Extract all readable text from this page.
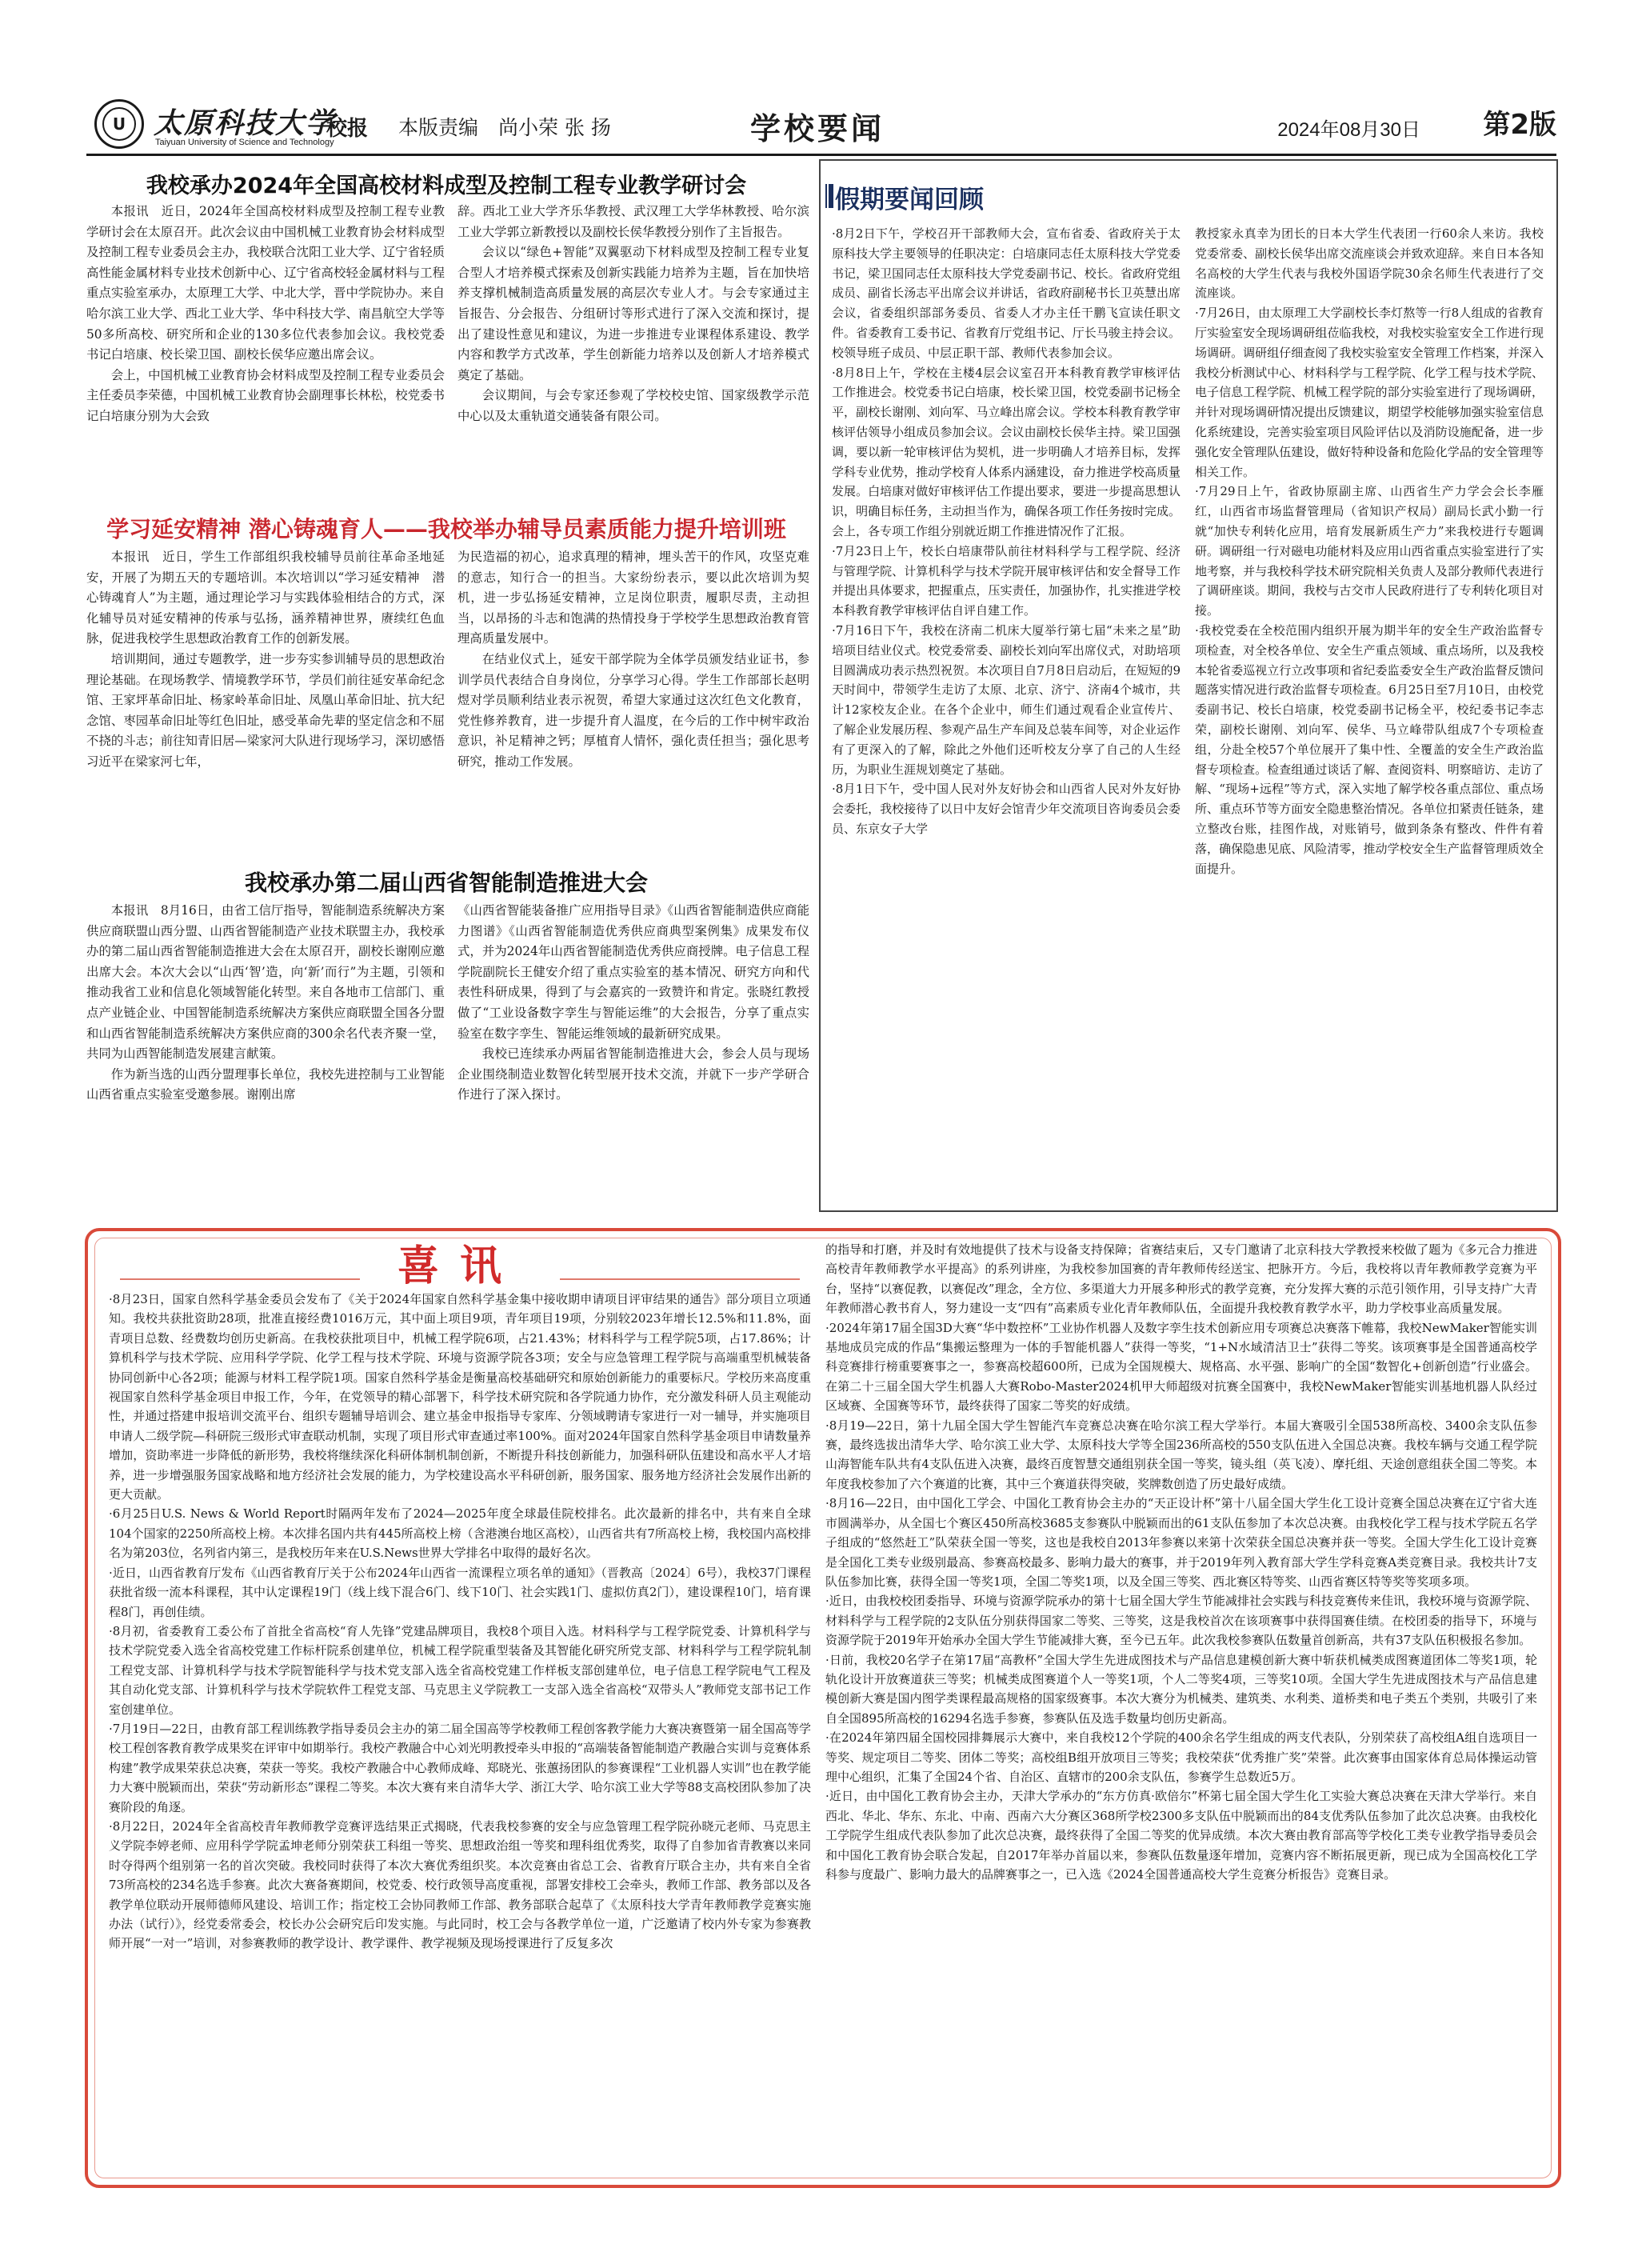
U 太原科技大学
Taiyuan University of Science and Technology
校报 本版责编　尚小荣 张 扬	学校要闻	2024年08月30日 第2版
我校承办2024年全国高校材料成型及控制工程专业教学研讨会

本报讯　近日，2024年全国高校材料成型及控制工程专业教学研讨会在太原召开。此次会议由中国机械工业教育协会材料成型及控制工程专业委员会主办，我校联合沈阳工业大学、辽宁省轻质高性能金属材料专业技术创新中心、辽宁省高校轻金属材料与工程重点实验室承办，太原理工大学、中北大学，晋中学院协办。来自哈尔滨工业大学、西北工业大学、华中科技大学、南昌航空大学等50多所高校、研究所和企业的130多位代表参加会议。我校党委书记白培康、校长梁卫国、副校长侯华应邀出席会议。

会上，中国机械工业教育协会材料成型及控制工程专业委员会主任委员李荣德，中国机械工业教育协会副理事长林松，校党委书记白培康分别为大会致

辞。西北工业大学齐乐华教授、武汉理工大学华林教授、哈尔滨工业大学郭立新教授以及副校长侯华教授分别作了主旨报告。

会议以“绿色+智能”双翼驱动下材料成型及控制工程专业复合型人才培养模式探索及创新实践能力培养为主题，旨在加快培养支撑机械制造高质量发展的高层次专业人才。与会专家通过主旨报告、分会报告、分组研讨等形式进行了深入交流和探讨，提出了建设性意见和建议，为进一步推进专业课程体系建设、教学内容和教学方式改革，学生创新能力培养以及创新人才培养模式奠定了基础。

会议期间，与会专家还参观了学校校史馆、国家级教学示范中心以及太重轨道交通装备有限公司。

学习延安精神 潜心铸魂育人——我校举办辅导员素质能力提升培训班

本报讯　近日，学生工作部组织我校辅导员前往革命圣地延安，开展了为期五天的专题培训。本次培训以“学习延安精神　潜心铸魂育人”为主题，通过理论学习与实践体验相结合的方式，深化辅导员对延安精神的传承与弘扬，涵养精神世界，赓续红色血脉，促进我校学生思想政治教育工作的创新发展。

培训期间，通过专题教学，进一步夯实参训辅导员的思想政治理论基础。在现场教学、情境教学环节，学员们前往延安革命纪念馆、王家坪革命旧址、杨家岭革命旧址、凤凰山革命旧址、抗大纪念馆、枣园革命旧址等红色旧址，感受革命先辈的坚定信念和不屈不挠的斗志；前往知青旧居—梁家河大队进行现场学习，深切感悟习近平在梁家河七年，

为民造福的初心，追求真理的精神，埋头苦干的作风，攻坚克难的意志，知行合一的担当。大家纷纷表示，要以此次培训为契机，进一步弘扬延安精神，立足岗位职责，履职尽责，主动担当，以昂扬的斗志和饱满的热情投身于学校学生思想政治教育管理高质量发展中。

在结业仪式上，延安干部学院为全体学员颁发结业证书，参训学员代表结合自身岗位，分享学习心得。学生工作部部长赵明煜对学员顺利结业表示祝贺，希望大家通过这次红色文化教育，党性修养教育，进一步提升育人温度，在今后的工作中树牢政治意识，补足精神之钙；厚植育人情怀，强化责任担当；强化思考研究，推动工作发展。

我校承办第二届山西省智能制造推进大会

本报讯　8月16日，由省工信厅指导，智能制造系统解决方案供应商联盟山西分盟、山西省智能制造产业技术联盟主办，我校承办的第二届山西省智能制造推进大会在太原召开，副校长谢刚应邀出席大会。本次大会以“山西‘智’造，向‘新’而行”为主题，引领和推动我省工业和信息化领域智能化转型。来自各地市工信部门、重点产业链企业、中国智能制造系统解决方案供应商联盟全国各分盟和山西省智能制造系统解决方案供应商的300余名代表齐聚一堂，共同为山西智能制造发展建言献策。

作为新当选的山西分盟理事长单位，我校先进控制与工业智能山西省重点实验室受邀参展。谢刚出席

《山西省智能装备推广应用指导目录》《山西省智能制造供应商能力图谱》《山西省智能制造优秀供应商典型案例集》成果发布仪式，并为2024年山西省智能制造优秀供应商授牌。电子信息工程学院副院长王健安介绍了重点实验室的基本情况、研究方向和代表性科研成果，得到了与会嘉宾的一致赞许和肯定。张晓红教授做了“工业设备数字孪生与智能运维”的大会报告，分享了重点实验室在数字孪生、智能运维领域的最新研究成果。

我校已连续承办两届省智能制造推进大会，参会人员与现场企业围绕制造业数智化转型展开技术交流，并就下一步产学研合作进行了深入探讨。

假期要闻回顾

·8月2日下午，学校召开干部教师大会，宣布省委、省政府关于太原科技大学主要领导的任职决定：白培康同志任太原科技大学党委书记，梁卫国同志任太原科技大学党委副书记、校长。省政府党组成员、副省长汤志平出席会议并讲话，省政府副秘书长卫英慧出席会议，省委组织部部务委员、省委人才办主任干鹏飞宣读任职文件。省委教育工委书记、省教育厅党组书记、厅长马骏主持会议。校领导班子成员、中层正职干部、教师代表参加会议。

·8月8日上午，学校在主楼4层会议室召开本科教育教学审核评估工作推进会。校党委书记白培康，校长梁卫国，校党委副书记杨全平，副校长谢刚、刘向军、马立峰出席会议。学校本科教育教学审核评估领导小组成员参加会议。会议由副校长侯华主持。梁卫国强调，要以新一轮审核评估为契机，进一步明确人才培养目标，发挥学科专业优势，推动学校育人体系内涵建设，奋力推进学校高质量发展。白培康对做好审核评估工作提出要求，要进一步提高思想认识，明确目标任务，主动担当作为，确保各项工作任务按时完成。会上，各专项工作组分别就近期工作推进情况作了汇报。

·7月23日上午，校长白培康带队前往材料科学与工程学院、经济与管理学院、计算机科学与技术学院开展审核评估和安全督导工作并提出具体要求，把握重点，压实责任，加强协作，扎实推进学校本科教育教学审核评估自评自建工作。

·7月16日下午，我校在济南二机床大厦举行第七届“未来之星”助培项目结业仪式。校党委常委、副校长刘向军出席仪式，对助培项目圆满成功表示热烈祝贺。本次项目自7月8日启动后，在短短的9天时间中，带领学生走访了太原、北京、济宁、济南4个城市，共计12家校友企业。在各个企业中，师生们通过观看企业宣传片、了解企业发展历程、参观产品生产车间及总装车间等，对企业运作有了更深入的了解，除此之外他们还听校友分享了自己的人生经历，为职业生涯规划奠定了基础。

·8月1日下午，受中国人民对外友好协会和山西省人民对外友好协会委托，我校接待了以日中友好会馆青少年交流项目咨询委员会委员、东京女子大学

教授家永真幸为团长的日本大学生代表团一行60余人来访。我校党委常委、副校长侯华出席交流座谈会并致欢迎辞。来自日本各知名高校的大学生代表与我校外国语学院30余名师生代表进行了交流座谈。

·7月26日，由太原理工大学副校长李灯熬等一行8人组成的省教育厅实验室安全现场调研组莅临我校，对我校实验室安全工作进行现场调研。调研组仔细查阅了我校实验室安全管理工作档案，并深入我校分析测试中心、材料科学与工程学院、化学工程与技术学院、电子信息工程学院、机械工程学院的部分实验室进行了现场调研，并针对现场调研情况提出反馈建议，期望学校能够加强实验室信息化系统建设，完善实验室项目风险评估以及消防设施配备，进一步强化安全管理队伍建设，做好特种设备和危险化学品的安全管理等相关工作。

·7月29日上午，省政协原副主席、山西省生产力学会会长李雁红，山西省市场监督管理局（省知识产权局）副局长武小勤一行就“加快专利转化应用，培育发展新质生产力”来我校进行专题调研。调研组一行对磁电功能材料及应用山西省重点实验室进行了实地考察，并与我校科学技术研究院相关负责人及部分教师代表进行了调研座谈。期间，我校与古交市人民政府进行了专利转化项目对接。

·我校党委在全校范围内组织开展为期半年的安全生产政治监督专项检查，对全校各单位、安全生产重点领域、重点场所，以及我校本轮省委巡视立行立改事项和省纪委监委安全生产政治监督反馈问题落实情况进行政治监督专项检查。6月25日至7月10日，由校党委副书记、校长白培康，校党委副书记杨全平，校纪委书记李志荣，副校长谢刚、刘向军、侯华、马立峰带队组成7个专项检查组，分赴全校57个单位展开了集中性、全覆盖的安全生产政治监督专项检查。检查组通过谈话了解、查阅资料、明察暗访、走访了解、“现场+远程”等方式，深入实地了解学校各重点部位、重点场所、重点环节等方面安全隐患整治情况。各单位扣紧责任链条，建立整改台账，挂图作战，对账销号，做到条条有整改、件件有着落，确保隐患见底、风险清零，推动学校安全生产监督管理质效全面提升。

喜讯

·8月23日，国家自然科学基金委员会发布了《关于2024年国家自然科学基金集中接收期申请项目评审结果的通告》部分项目立项通知。我校共获批资助28项，批准直接经费1016万元，其中面上项目9项，青年项目19项，分别较2023年增长12.5%和11.8%，面青项目总数、经费数均创历史新高。在我校获批项目中，机械工程学院6项，占21.43%；材料科学与工程学院5项，占17.86%；计算机科学与技术学院、应用科学学院、化学工程与技术学院、环境与资源学院各3项；安全与应急管理工程学院与高端重型机械装备协同创新中心各2项；能源与材料工程学院1项。国家自然科学基金是衡量高校基础研究和原始创新能力的重要标尺。学校历来高度重视国家自然科学基金项目申报工作，今年，在党领导的精心部署下，科学技术研究院和各学院通力协作，充分激发科研人员主观能动性，并通过搭建申报培训交流平台、组织专题辅导培训会、建立基金申报指导专家库、分领域聘请专家进行一对一辅导，并实施项目申请人二级学院—科研院三级形式审查联动机制，实现了项目形式审查通过率100%。面对2024年国家自然科学基金项目申请数量养增加，资助率进一步降低的新形势，我校将继续深化科研体制机制创新，不断提升科技创新能力，加强科研队伍建设和高水平人才培养，进一步增强服务国家战略和地方经济社会发展的能力，为学校建设高水平科研创新，服务国家、服务地方经济社会发展作出新的更大贡献。

·6月25日U.S. News & World Report时隔两年发布了2024—2025年度全球最佳院校排名。此次最新的排名中，共有来自全球104个国家的2250所高校上榜。本次排名国内共有445所高校上榜（含港澳台地区高校），山西省共有7所高校上榜，我校国内高校排名为第203位，名列省内第三，是我校历年来在U.S.News世界大学排名中取得的最好名次。

·近日，山西省教育厅发布《山西省教育厅关于公布2024年山西省一流课程立项名单的通知》（晋教高〔2024〕6号），我校37门课程获批省级一流本科课程，其中认定课程19门（线上线下混合6门、线下10门、社会实践1门、虚拟仿真2门），建设课程10门，培育课程8门，再创佳绩。

·8月初，省委教育工委公布了首批全省高校“育人先锋”党建品牌项目，我校8个项目入选。材料科学与工程学院党委、计算机科学与技术学院党委入选全省高校党建工作标杆院系创建单位，机械工程学院重型装备及其智能化研究所党支部、材料科学与工程学院轧制工程党支部、计算机科学与技术学院智能科学与技术党支部入选全省高校党建工作样板支部创建单位，电子信息工程学院电气工程及其自动化党支部、计算机科学与技术学院软件工程党支部、马克思主义学院教工一支部入选全省高校“双带头人”教师党支部书记工作室创建单位。

·7月19日—22日，由教育部工程训练教学指导委员会主办的第二届全国高等学校教师工程创客教学能力大赛决赛暨第一届全国高等学校工程创客教育教学成果奖在评审中如期举行。我校产教融合中心刘光明教授牵头申报的“高端装备智能制造产教融合实训与竞赛体系构建”教学成果荣获总决赛，荣获一等奖。我校产教融合中心教师成峰、郑晓光、张蕙扬团队的参赛课程“工业机器人实训”也在教学能力大赛中脱颖而出，荣获“劳动新形态”课程二等奖。本次大赛有来自清华大学、浙江大学、哈尔滨工业大学等88支高校团队参加了决赛阶段的角逐。

·8月22日，2024年全省高校青年教师教学竞赛评选结果正式揭晓，代表我校参赛的安全与应急管理工程学院孙晓元老师、马克思主义学院李婷老师、应用科学学院孟坤老师分别荣获工科组一等奖、思想政治组一等奖和理科组优秀奖，取得了自参加省青教赛以来同时夺得两个组别第一名的首次突破。我校同时获得了本次大赛优秀组织奖。本次竞赛由省总工会、省教育厅联合主办，共有来自全省73所高校的234名选手参赛。此次大赛备赛期间，校党委、校行政领导高度重视，部署安排校工会牵头，教师工作部、教务部以及各教学单位联动开展师德师风建设、培训工作；指定校工会协同教师工作部、教务部联合起草了《太原科技大学青年教师教学竞赛实施办法（试行）》，经党委常委会，校长办公会研究后印发实施。与此同时，校工会与各教学单位一道，广泛邀请了校内外专家为参赛教师开展“一对一”培训，对参赛教师的教学设计、教学课件、教学视频及现场授课进行了反复多次

的指导和打磨，并及时有效地提供了技术与设备支持保障；省赛结束后，又专门邀请了北京科技大学教授来校做了题为《多元合力推进高校青年教师教学水平提高》的系列讲座，为我校参加国赛的青年教师传经送宝、把脉开方。今后，我校将以青年教师教学竞赛为平台，坚持“以赛促教，以赛促改”理念，全方位、多渠道大力开展多种形式的教学竞赛，充分发挥大赛的示范引领作用，引导支持广大青年教师潜心教书育人，努力建设一支“四有”高素质专业化青年教师队伍，全面提升我校教育教学水平，助力学校事业高质量发展。

·2024年第17届全国3D大赛“华中数控杯”工业协作机器人及数字孪生技术创新应用专项赛总决赛落下帷幕，我校NewMaker智能实训基地成员完成的作品“集搬运整理为一体的手智能机器人”获得一等奖，“1+N水域清洁卫士”获得二等奖。该项赛事是全国普通高校学科竞赛排行榜重要赛事之一，参赛高校超600所，已成为全国规模大、规格高、水平强、影响广的全国“数智化+创新创造”行业盛会。在第二十三届全国大学生机器人大赛Robo-Master2024机甲大师超级对抗赛全国赛中，我校NewMaker智能实训基地机器人队经过区域赛、全国赛等环节，最终获得了国家二等奖的好成绩。

·8月19—22日，第十九届全国大学生智能汽车竞赛总决赛在哈尔滨工程大学举行。本届大赛吸引全国538所高校、3400余支队伍参赛，最终选拔出清华大学、哈尔滨工业大学、太原科技大学等全国236所高校的550支队伍进入全国总决赛。我校车辆与交通工程学院山海智能车队共有4支队伍进入决赛，最终百度智慧交通组别获全国一等奖，镜头组（英飞凌）、摩托组、天途创意组获全国二等奖。本年度我校参加了六个赛道的比赛，其中三个赛道获得突破，奖牌数创造了历史最好成绩。

·8月16—22日，由中国化工学会、中国化工教育协会主办的“天正设计杯”第十八届全国大学生化工设计竞赛全国总决赛在辽宁省大连市圆满举办，从全国七个赛区450所高校3685支参赛队中脱颖而出的61支队伍参加了本次总决赛。由我校化学工程与技术学院五名学子组成的“悠然赶工”队荣获全国一等奖，这也是我校自2013年参赛以来第十次荣获全国总决赛并获一等奖。全国大学生化工设计竞赛是全国化工类专业级别最高、参赛高校最多、影响力最大的赛事，并于2019年列入教育部大学生学科竞赛A类竞赛目录。我校共计7支队伍参加比赛，获得全国一等奖1项，全国二等奖1项，以及全国三等奖、西北赛区特等奖、山西省赛区特等奖等奖项多项。

·近日，由我校校团委指导、环境与资源学院承办的第十七届全国大学生节能减排社会实践与科技竞赛传来佳讯，我校环境与资源学院、材料科学与工程学院的2支队伍分别获得国家二等奖、三等奖，这是我校首次在该项赛事中获得国赛佳绩。在校团委的指导下，环境与资源学院于2019年开始承办全国大学生节能减排大赛，至今已五年。此次我校参赛队伍数量首创新高，共有37支队伍积极报名参加。

·日前，我校20名学子在第17届“高教杯”全国大学生先进成图技术与产品信息建模创新大赛中斩获机械类成图赛道团体二等奖1项，轮轨化设计开放赛道获三等奖；机械类成图赛道个人一等奖1项，个人二等奖4项，三等奖10项。全国大学生先进成图技术与产品信息建模创新大赛是国内图学类课程最高规格的国家级赛事。本次大赛分为机械类、建筑类、水利类、道桥类和电子类五个类别，共吸引了来自全国895所高校的16294名选手参赛，参赛队伍及选手数量均创历史新高。

·在2024年第四届全国校园排舞展示大赛中，来自我校12个学院的400余名学生组成的两支代表队，分别荣获了高校组A组自选项目一等奖、规定项目二等奖、团体二等奖；高校组B组开放项目三等奖；我校荣获“优秀推广奖”荣誉。此次赛事由国家体育总局体操运动管理中心组织，汇集了全国24个省、自治区、直辖市的200余支队伍，参赛学生总数近5万。

·近日，由中国化工教育协会主办，天津大学承办的“东方仿真·欧倍尔”杯第七届全国大学生化工实验大赛总决赛在天津大学举行。来自西北、华北、华东、东北、中南、西南六大分赛区368所学校2300多支队伍中脱颖而出的84支优秀队伍参加了此次总决赛。由我校化工学院学生组成代表队参加了此次总决赛，最终获得了全国二等奖的优异成绩。本次大赛由教育部高等学校化工类专业教学指导委员会和中国化工教育协会联合发起，自2017年举办首届以来，参赛队伍数量逐年增加，竞赛内容不断拓展更新，现已成为全国高校化工学科参与度最广、影响力最大的品牌赛事之一，已入选《2024全国普通高校大学生竞赛分析报告》竞赛目录。
